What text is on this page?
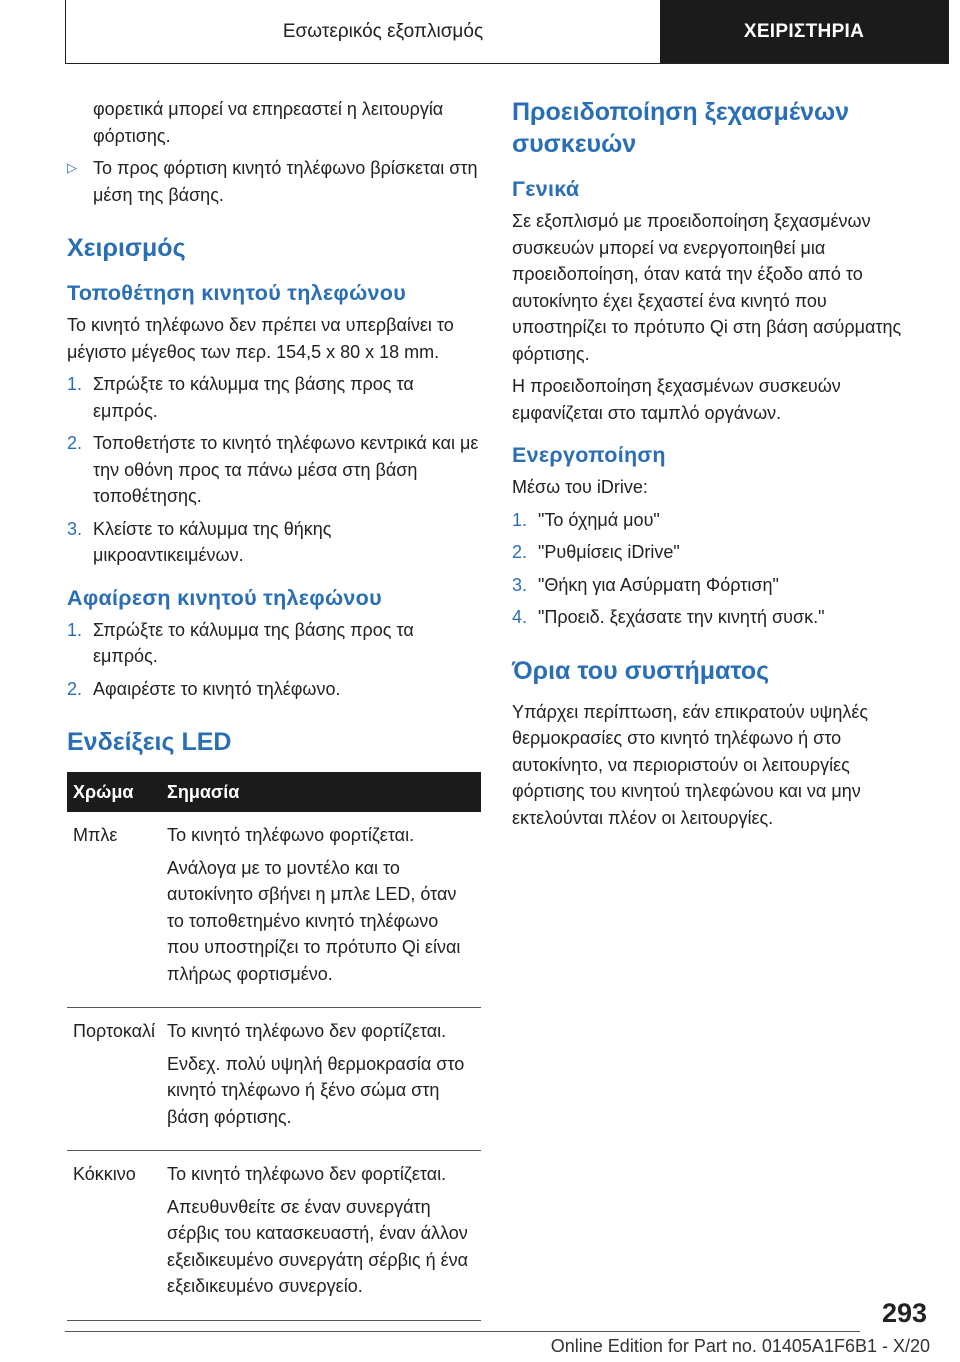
Εσωτερικός εξοπλισμός	ΧΕΙΡΙΣΤΗΡΙΑ
φορετικά μπορεί να επηρεαστεί η λειτουργία φόρτισης.
▷ Το προς φόρτιση κινητό τηλέφωνο βρίσκεται στη μέση της βάσης.
Χειρισμός
Τοποθέτηση κινητού τηλεφώνου
Το κινητό τηλέφωνο δεν πρέπει να υπερβαίνει το μέγιστο μέγεθος των περ. 154,5 x 80 x 18 mm.
1. Σπρώξτε το κάλυμμα της βάσης προς τα εμπρός.
2. Τοποθετήστε το κινητό τηλέφωνο κεντρικά και με την οθόνη προς τα πάνω μέσα στη βάση τοποθέτησης.
3. Κλείστε το κάλυμμα της θήκης μικροαντικειμένων.
Αφαίρεση κινητού τηλεφώνου
1. Σπρώξτε το κάλυμμα της βάσης προς τα εμπρός.
2. Αφαιρέστε το κινητό τηλέφωνο.
Ενδείξεις LED
Χρώμα	Σημασία
Μπλε	Το κινητό τηλέφωνο φορτίζεται.
Ανάλογα με το μοντέλο και το αυτοκίνητο σβήνει η μπλε LED, όταν το τοποθετημένο κινητό τηλέφωνο που υποστηρίζει το πρότυπο Qi είναι πλήρως φορτισμένο.

Πορτοκαλί	Το κινητό τηλέφωνο δεν φορτίζεται.
Ενδεχ. πολύ υψηλή θερμοκρασία στο κινητό τηλέφωνο ή ξένο σώμα στη βάση φόρτισης.

Κόκκινο	Το κινητό τηλέφωνο δεν φορτίζεται.
Απευθυνθείτε σε έναν συνεργάτη σέρβις του κατασκευαστή, έναν άλλον εξειδικευμένο συνεργάτη σέρβις ή ένα εξειδικευμένο συνεργείο.
Προειδοποίηση ξεχασμένων συσκευών
Γενικά
Σε εξοπλισμό με προειδοποίηση ξεχασμένων συσκευών μπορεί να ενεργοποιηθεί μια προειδοποίηση, όταν κατά την έξοδο από το αυτοκίνητο έχει ξεχαστεί ένα κινητό που υποστηρίζει το πρότυπο Qi στη βάση ασύρματης φόρτισης.
Η προειδοποίηση ξεχασμένων συσκευών εμφανίζεται στο ταμπλό οργάνων.
Ενεργοποίηση
Μέσω του iDrive:
1. "Το όχημά μου"
2. "Ρυθμίσεις iDrive"
3. "Θήκη για Ασύρματη Φόρτιση"
4. "Προειδ. ξεχάσατε την κινητή συσκ."
Όρια του συστήματος
Υπάρχει περίπτωση, εάν επικρατούν υψηλές θερμοκρασίες στο κινητό τηλέφωνο ή στο αυτοκίνητο, να περιοριστούν οι λειτουργίες φόρτισης του κινητού τηλεφώνου και να μην εκτελούνται πλέον οι λειτουργίες.
293
Online Edition for Part no. 01405A1F6B1 - X/20
